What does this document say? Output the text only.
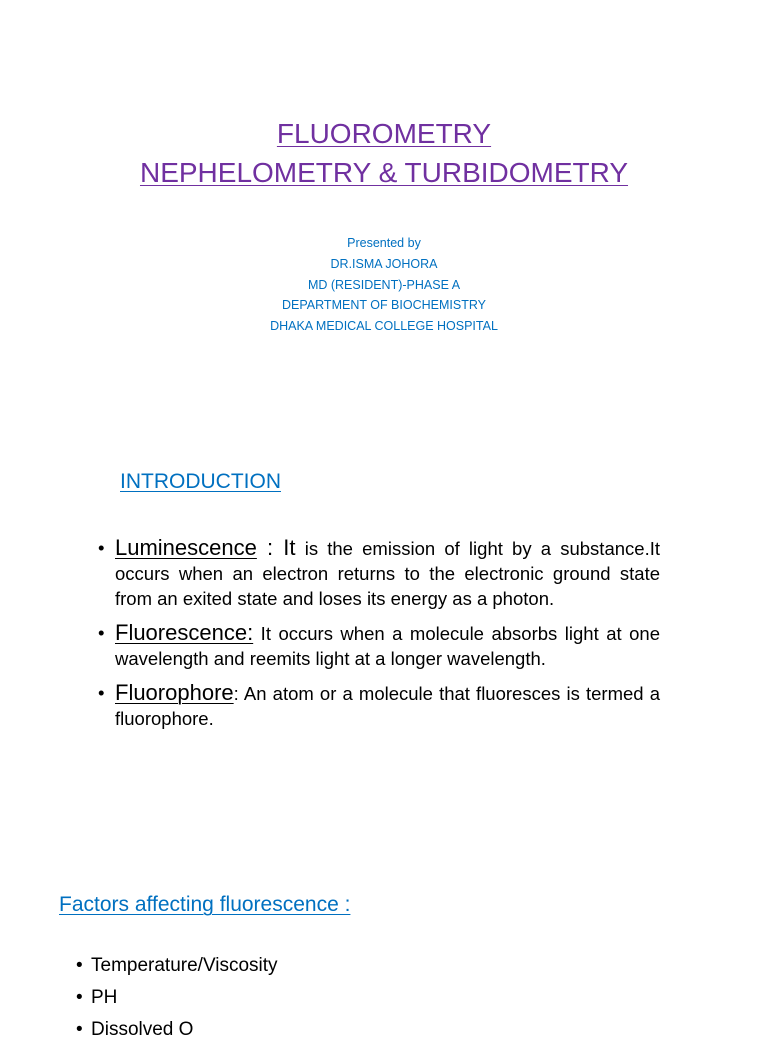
FLUOROMETRY
NEPHELOMETRY & TURBIDOMETRY
Presented by
DR.ISMA JOHORA
MD (RESIDENT)-PHASE A
DEPARTMENT OF BIOCHEMISTRY
DHAKA MEDICAL COLLEGE HOSPITAL
INTRODUCTION
• Luminescence : It is the emission of light by a substance.It occurs when an electron returns to the electronic ground state from an exited state and loses its energy as a photon.
• Fluorescence: It occurs when a molecule absorbs light at one wavelength and reemits light at a longer wavelength.
• Fluorophore: An atom or a molecule that fluoresces is termed a fluorophore.
Factors affecting fluorescence :
• Temperature/Viscosity
• PH
• Dissolved O
